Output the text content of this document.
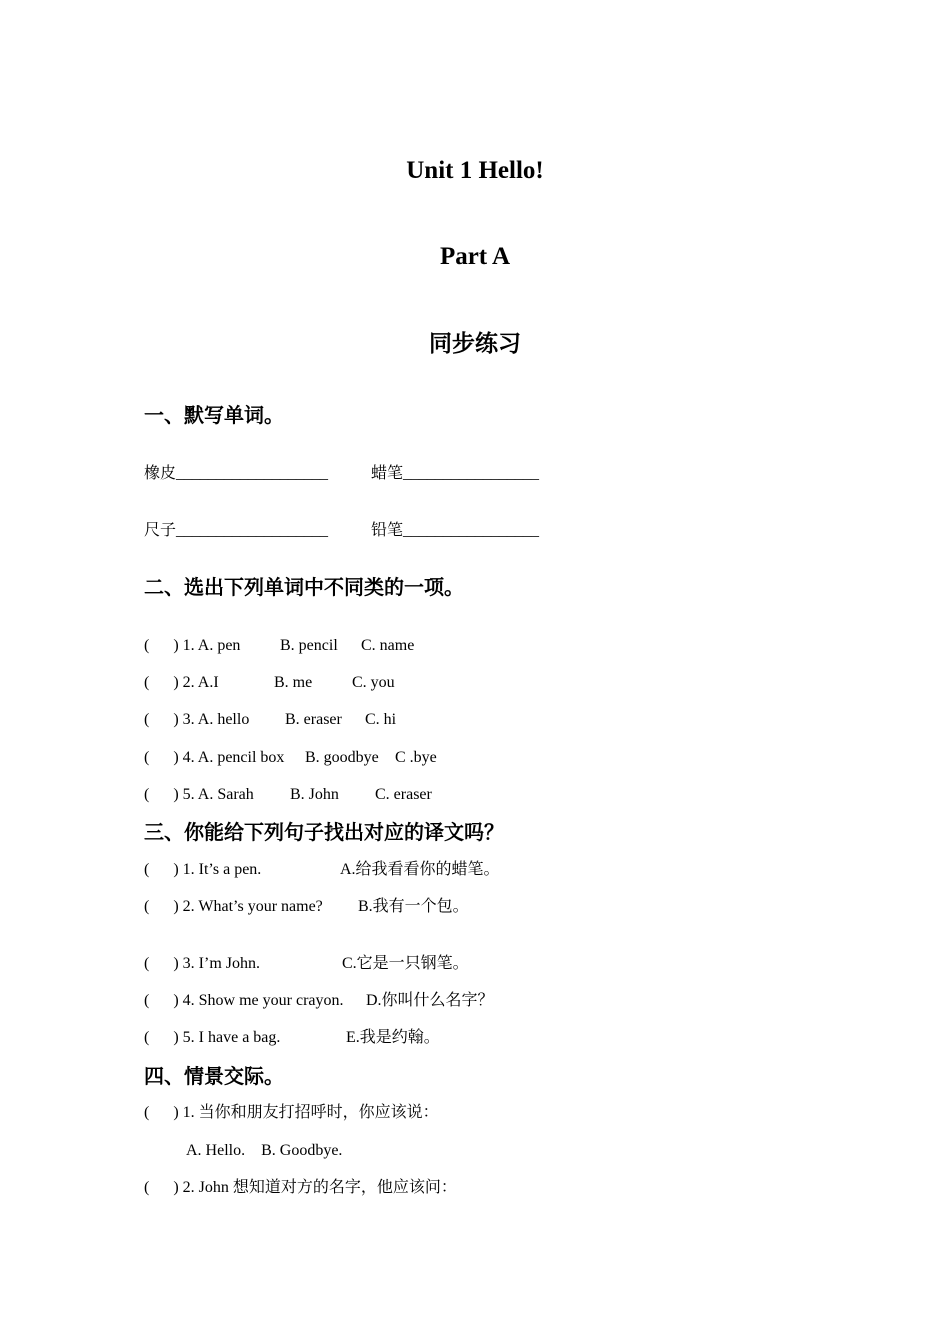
Unit 1 Hello!
Part A
同步练习
一、默写单词。
橡皮___________________	蜡笔_________________
尺子___________________	铅笔_________________
二、选出下列单词中不同类的一项。
(      ) 1. A. pen B. pencil C. name
(      ) 2. A.I	B. me C. you
(      ) 3. A. hello B. eraser C. hi
(      ) 4. A. pencil box B. goodbye C .bye
(      ) 5. A. Sarah B. John C. eraser
三、你能给下列句子找出对应的译文吗？
(      ) 1. It’s a pen.	A.给我看看你的蜡笔。
(      ) 2. What’s your name? B.我有一个包。
(      ) 3. I’m John.	C.它是一只钢笔。
(      ) 4. Show me your crayon. D.你叫什么名字？
(      ) 5. I have a bag.	E.我是约翰。
四、情景交际。
(      ) 1. 当你和朋友打招呼时，你应该说：
A. Hello.    B. Goodbye.
(      ) 2. John 想知道对方的名字，他应该问：
